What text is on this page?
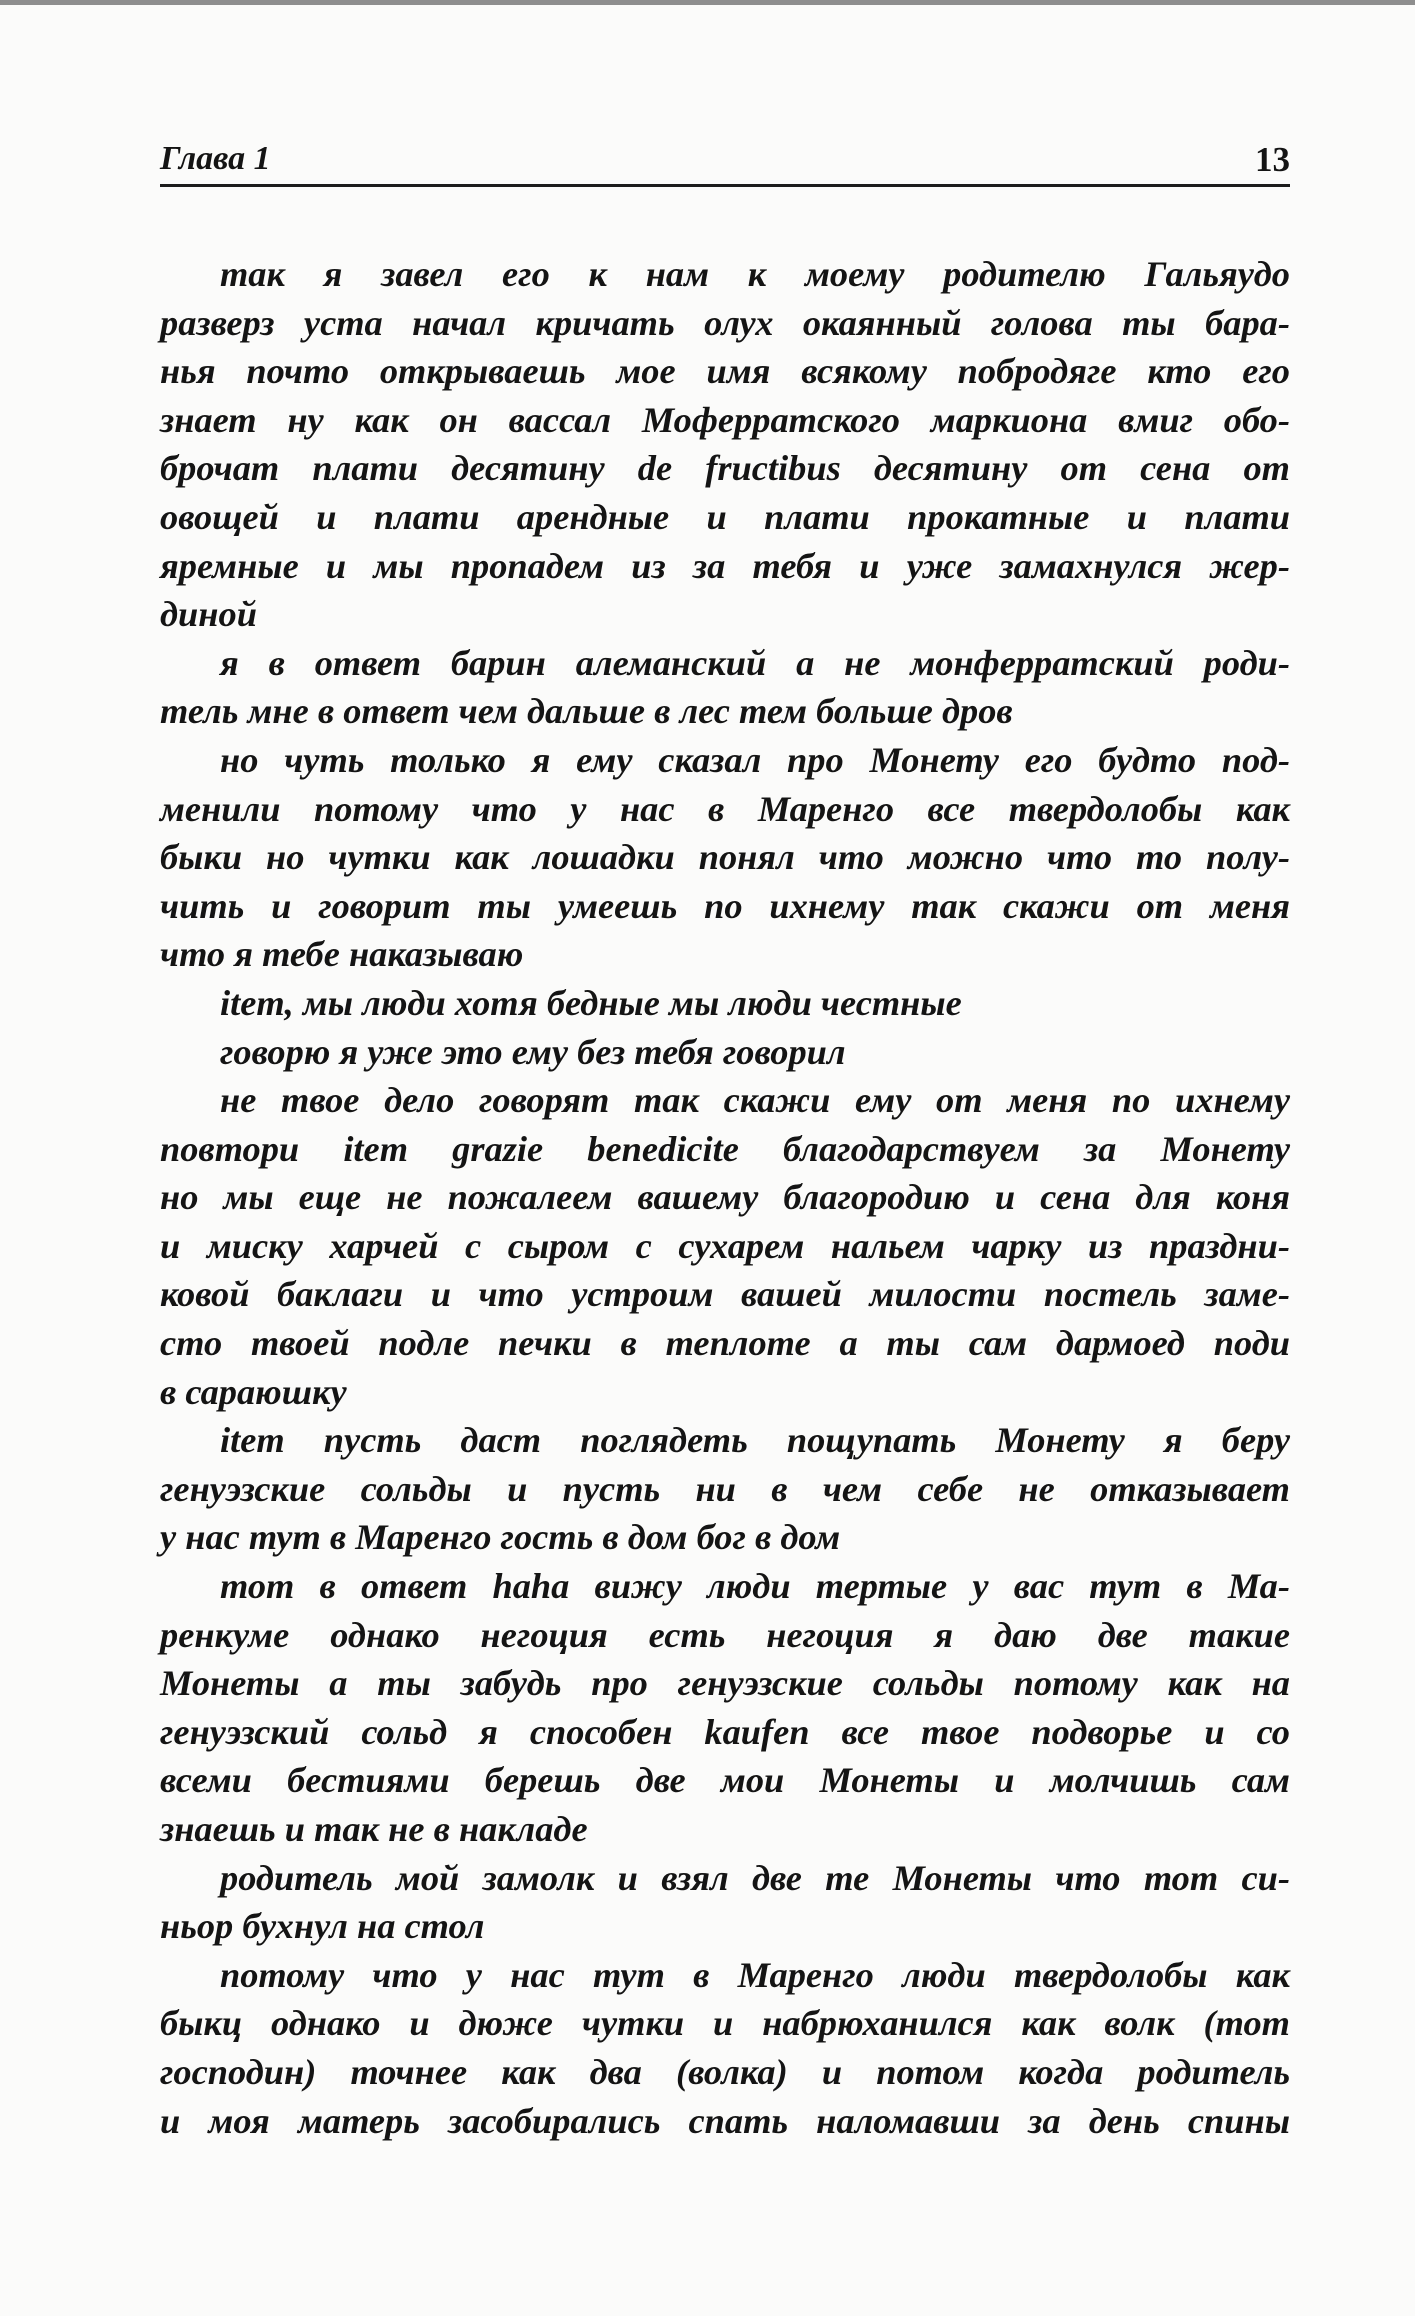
Глава 1	13
так я завел его к нам к моему родителю Гальяудо
разверз уста начал кричать олух окаянный голова ты бара-
нья почто открываешь мое имя всякому побродяге кто его
знает ну как он вассал Моферратского маркиона вмиг обо-
брочат плати десятину de fructibus десятину от сена от
овощей и плати арендные и плати прокатные и плати
яремные и мы пропадем из за тебя и уже замахнулся жер-
диной
я в ответ барин алеманский а не монферратский роди-
тель мне в ответ чем дальше в лес тем больше дров
но чуть только я ему сказал про Монету его будто под-
менили потому что у нас в Маренго все твердолобы как
быки но чутки как лошадки понял что можно что то полу-
чить и говорит ты умеешь по ихнему так скажи от меня
что я тебе наказываю
item, мы люди хотя бедные мы люди честные
говорю я уже это ему без тебя говорил
не твое дело говорят так скажи ему от меня по ихнему
повтори item grazie benedicite благодарствуем за Монету
но мы еще не пожалеем вашему благородию и сена для коня
и миску харчей с сыром с сухарем нальем чарку из праздни-
ковой баклаги и что устроим вашей милости постель заме-
сто твоей подле печки в теплоте а ты сам дармоед поди
в сараюшку
item пусть даст поглядеть пощупать Монету я беру
генуэзские сольды и пусть ни в чем себе не отказывает
у нас тут в Маренго гость в дом бог в дом
тот в ответ haha вижу люди тертые у вас тут в Ма-
ренкуме однако негоция есть негоция я даю две такие
Монеты а ты забудь про генуэзские сольды потому как на
генуэзский сольд я способен kaufen все твое подворье и со
всеми бестиями берешь две мои Монеты и молчишь сам
знаешь и так не в накладе
родитель мой замолк и взял две те Монеты что тот си-
ньор бухнул на стол
потому что у нас тут в Маренго люди твердолобы как
быкц однако и дюже чутки и набрюханился как волк (тот
господин) точнее как два (волка) и потом когда родитель
и моя матерь засобирались спать наломавши за день спины
